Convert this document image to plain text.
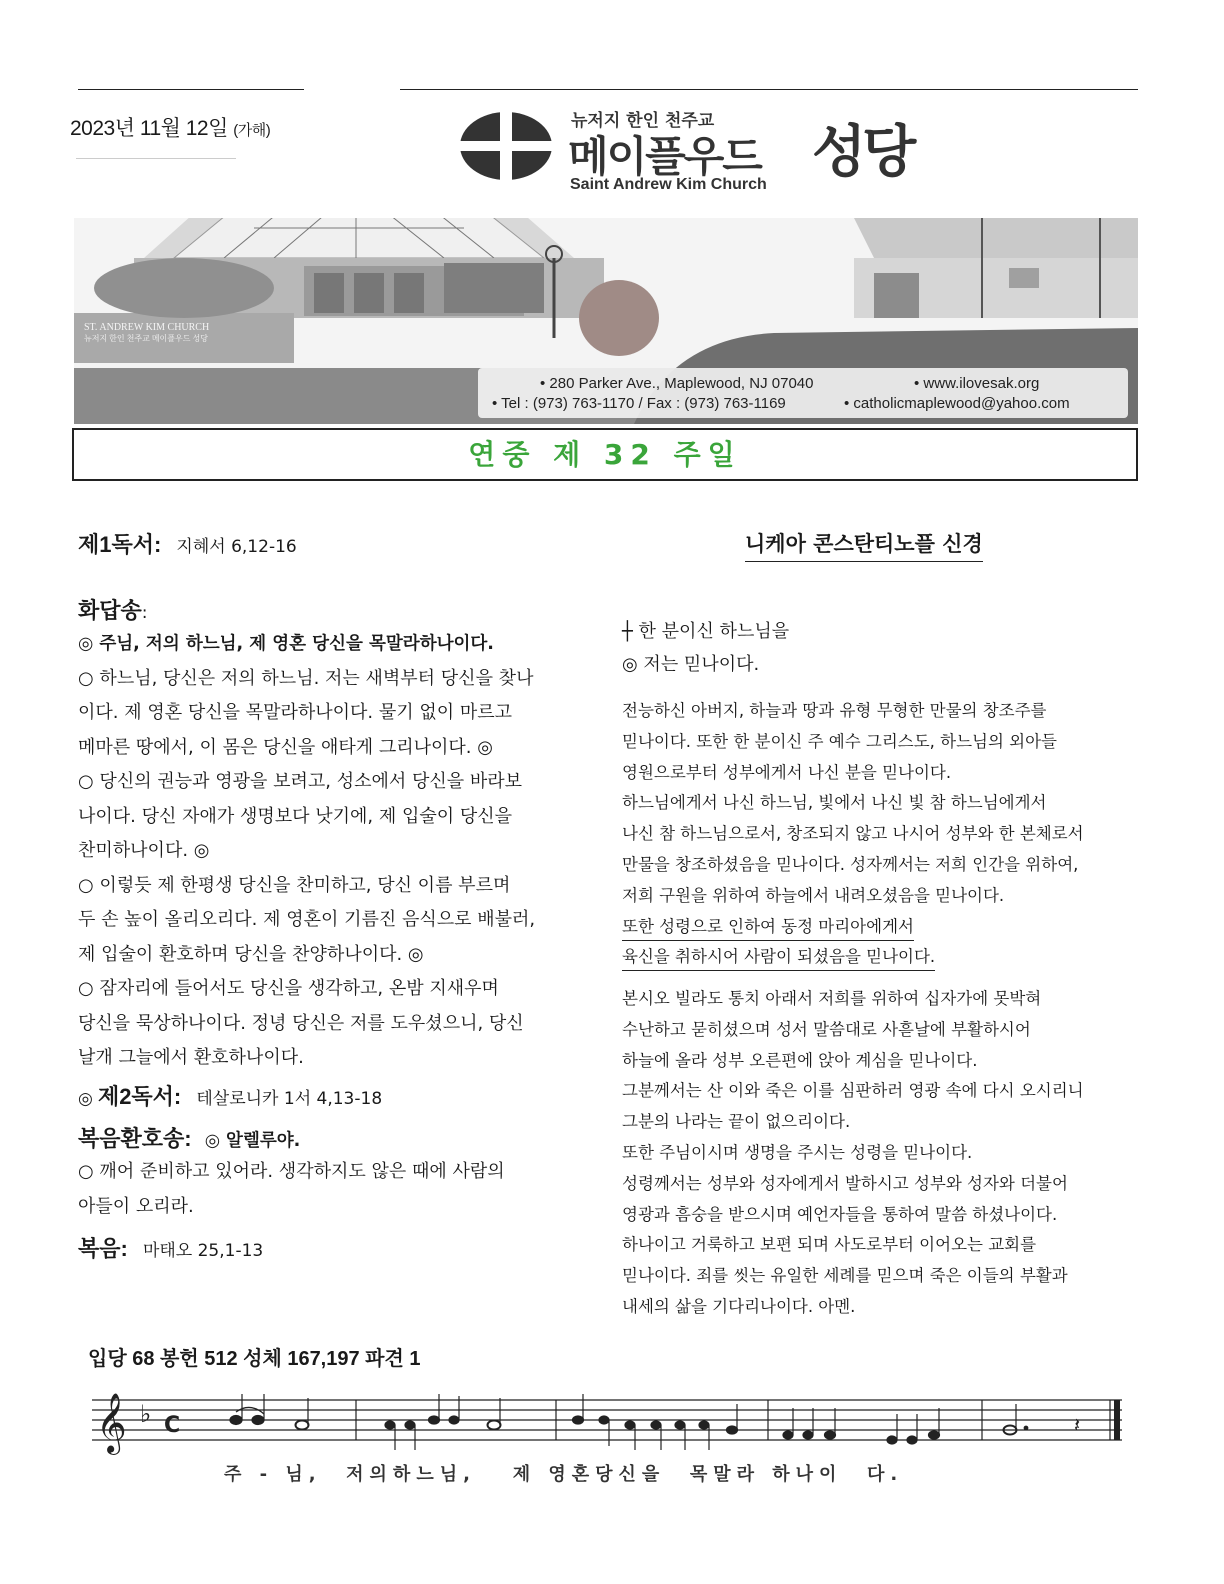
2023년 11월 12일 (가해)	뉴저지 한인 천주교
메이플우드 성당
Saint Andrew Kim Church
ST. ANDREW KIM CHURCH
뉴저지 한인 천주교 메이플우드 성당
• 280 Parker Ave., Maplewood, NJ 07040	• www.ilovesak.org
• Tel : (973) 763-1170 / Fax : (973) 763-1169	• catholicmaplewood@yahoo.com
연중 제 32 주일
제1독서: 지혜서 6,12-16
화답송:
◎ 주님, 저의 하느님, 제 영혼 당신을 목말라하나이다.
○ 하느님, 당신은 저의 하느님. 저는 새벽부터 당신을 찾나
이다. 제 영혼 당신을 목말라하나이다. 물기 없이 마르고
메마른 땅에서, 이 몸은 당신을 애타게 그리나이다. ◎
○ 당신의 권능과 영광을 보려고, 성소에서 당신을 바라보
나이다. 당신 자애가 생명보다 낫기에, 제 입술이 당신을
찬미하나이다. ◎
○ 이렇듯 제 한평생 당신을 찬미하고, 당신 이름 부르며
두 손 높이 올리오리다. 제 영혼이 기름진 음식으로 배불러,
제 입술이 환호하며 당신을 찬양하나이다. ◎
○ 잠자리에 들어서도 당신을 생각하고, 온밤 지새우며
당신을 묵상하나이다. 정녕 당신은 저를 도우셨으니, 당신
날개 그늘에서 환호하나이다.
◎ 제2독서: 테살로니카 1서 4,13-18
복음환호송: ◎ 알렐루야.
○ 깨어 준비하고 있어라. 생각하지도 않은 때에 사람의
아들이 오리라.
복음: 마태오 25,1-13
니케아 콘스탄티노플 신경
┼ 한 분이신 하느님을
◎ 저는 믿나이다.
전능하신 아버지, 하늘과 땅과 유형 무형한 만물의 창조주를
믿나이다. 또한 한 분이신 주 예수 그리스도, 하느님의 외아들
영원으로부터 성부에게서 나신 분을 믿나이다.
하느님에게서 나신 하느님, 빛에서 나신 빛 참 하느님에게서
나신 참 하느님으로서, 창조되지 않고 나시어 성부와 한 본체로서
만물을 창조하셨음을 믿나이다. 성자께서는 저희 인간을 위하여,
저희 구원을 위하여 하늘에서 내려오셨음을 믿나이다.
또한 성령으로 인하여 동정 마리아에게서
육신을 취하시어 사람이 되셨음을 믿나이다.
본시오 빌라도 통치 아래서 저희를 위하여 십자가에 못박혀
수난하고 묻히셨으며 성서 말씀대로 사흗날에 부활하시어
하늘에 올라 성부 오른편에 앉아 계심을 믿나이다.
그분께서는 산 이와 죽은 이를 심판하러 영광 속에 다시 오시리니
그분의 나라는 끝이 없으리이다.
또한 주님이시며 생명을 주시는 성령을 믿나이다.
성령께서는 성부와 성자에게서 발하시고 성부와 성자와 더불어
영광과 흠숭을 받으시며 예언자들을 통하여 말씀 하셨나이다.
하나이고 거룩하고 보편 되며 사도로부터 이어오는 교회를
믿나이다. 죄를 씻는 유일한 세례를 믿으며 죽은 이들의 부활과
내세의 삶을 기다리나이다. 아멘.
입당 68 봉헌 512 성체 167,197 파견 1
𝄞 ♭ C	𝄽
주 - 님,  저의하느님,   제 영혼당신을  목말라 하나이  다.
